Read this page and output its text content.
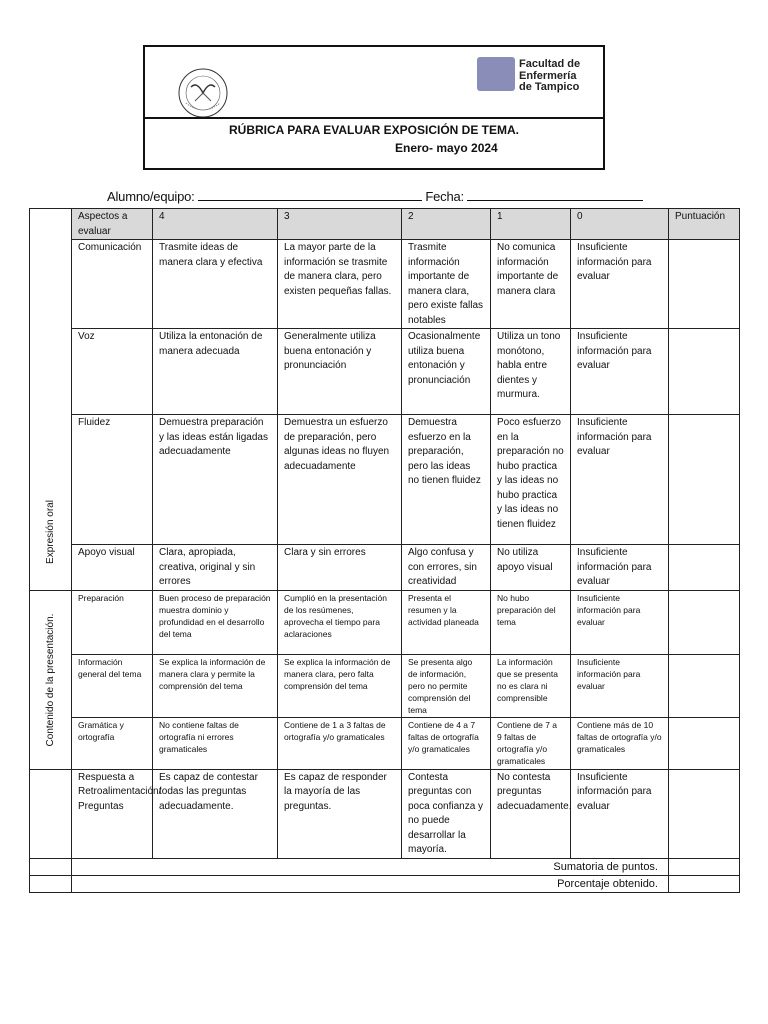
Facultad de
Enfermería
de Tampico
RÚBRICA PARA EVALUAR EXPOSICIÓN DE TEMA.
Enero- mayo 2024
Alumno/equipo:	Fecha:
Expresión oral	Aspectos a evaluar	4	3	2	1	0	Puntuación
	Comunicación	Trasmite ideas de manera clara y efectiva	La mayor parte de la información se trasmite de manera clara, pero existen pequeñas fallas.	Trasmite información importante de manera clara, pero existe fallas notables	No comunica información importante de manera clara	Insuficiente información para evaluar	
	Voz	Utiliza la entonación de manera adecuada	Generalmente utiliza buena entonación y pronunciación	Ocasionalmente utiliza buena entonación y pronunciación	Utiliza un tono monótono, habla entre dientes y murmura.	Insuficiente información para evaluar	
	Fluidez	Demuestra preparación y las ideas están ligadas adecuadamente	Demuestra un esfuerzo de preparación, pero algunas ideas no fluyen adecuadamente	Demuestra esfuerzo en la preparación, pero las ideas no tienen fluidez	Poco esfuerzo en la preparación no hubo practica y las ideas no hubo practica y las ideas no tienen fluidez	Insuficiente información para evaluar	
	Apoyo visual	Clara, apropiada, creativa, original y sin errores	Clara y sin errores	Algo confusa y con errores, sin creatividad	No utiliza apoyo visual	Insuficiente información para evaluar	

Contenido de la presentación.	Preparación	Buen proceso de preparación muestra dominio y profundidad en el desarrollo del tema	Cumplió en la presentación de los resúmenes, aprovecha el tiempo para aclaraciones	Presenta el resumen y la actividad planeada	No hubo preparación del tema	Insuficiente información para evaluar	
	Información general del tema	Se explica la información de manera clara y permite la comprensión del tema	Se explica la información de manera clara, pero falta comprensión del tema	Se presenta algo de información, pero no permite comprensión del tema	La información que se presenta no es clara ni comprensible	Insuficiente información para evaluar	
	Gramática y ortografía	No contiene faltas de ortografía ni errores gramaticales	Contiene de 1 a 3 faltas de ortografía y/o gramaticales	Contiene de 4 a 7 faltas de ortografía y/o gramaticales	Contiene de 7 a 9 faltas de ortografía y/o gramaticales	Contiene más de 10 faltas de ortografía y/o gramaticales	

	Respuesta a Retroalimentación/ Preguntas	Es capaz de contestar todas las preguntas adecuadamente.	Es capaz de responder la mayoría de las preguntas.	Contesta preguntas con poca confianza y no puede desarrollar la mayoría.	No contesta preguntas adecuadamente.	Insuficiente información para evaluar	
	Sumatoria de puntos.						
	Porcentaje obtenido.						
